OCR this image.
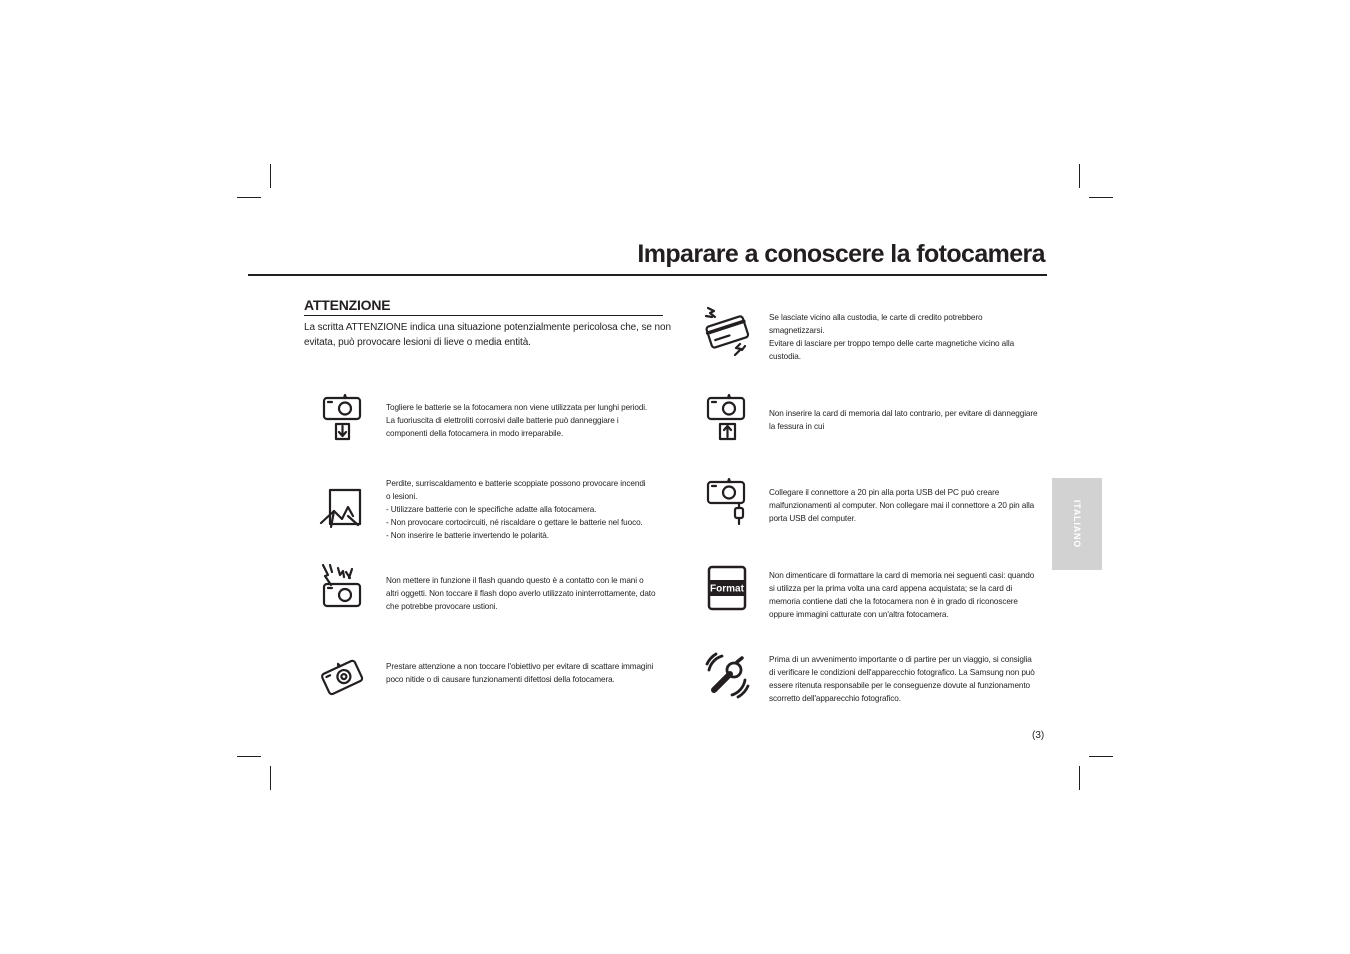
Imparare a conoscere la fotocamera
ATTENZIONE
La scritta ATTENZIONE indica una situazione potenzialmente pericolosa che, se non evitata, può provocare lesioni di lieve o media entità.
Togliere le batterie se la fotocamera non viene utilizzata per lunghi periodi.
La fuoriuscita di elettroliti corrosivi dalle batterie può danneggiare i
componenti della fotocamera in modo irreparabile.
Perdite, surriscaldamento e batterie scoppiate possono provocare incendi
o lesioni.
- Utilizzare batterie con le specifiche adatte alla fotocamera.
- Non provocare cortocircuiti, né riscaldare o gettare le batterie nel fuoco.
- Non inserire le batterie invertendo le polarità.
Non mettere in funzione il flash quando questo è a contatto con le mani o
altri oggetti. Non toccare il flash dopo averlo utilizzato ininterrottamente, dato
che potrebbe provocare ustioni.
Prestare attenzione a non toccare l'obiettivo per evitare di scattare immagini
poco nitide o di causare funzionamenti difettosi della fotocamera.
Se lasciate vicino alla custodia, le carte di credito potrebbero
smagnetizzarsi.
Evitare di lasciare per troppo tempo delle carte magnetiche vicino alla
custodia.
Non inserire la card di memoria dal lato contrario, per evitare di danneggiare
la fessura in cui
Collegare il connettore a 20 pin alla porta USB del PC può creare
malfunzionamenti al computer. Non collegare mai il connettore a 20 pin alla
porta USB del computer.
Format
Non dimenticare di formattare la card di memoria nei seguenti casi: quando
si utilizza per la prima volta una card appena acquistata; se la card di
memoria contiene dati che la fotocamera non è in grado di riconoscere
oppure immagini catturate con un'altra fotocamera.
Prima di un avvenimento importante o di partire per un viaggio, si consiglia
di verificare le condizioni dell'apparecchio fotografico. La Samsung non può
essere ritenuta responsabile per le conseguenze dovute al funzionamento
scorretto dell'apparecchio fotografico.
ITALIANO
(3)
